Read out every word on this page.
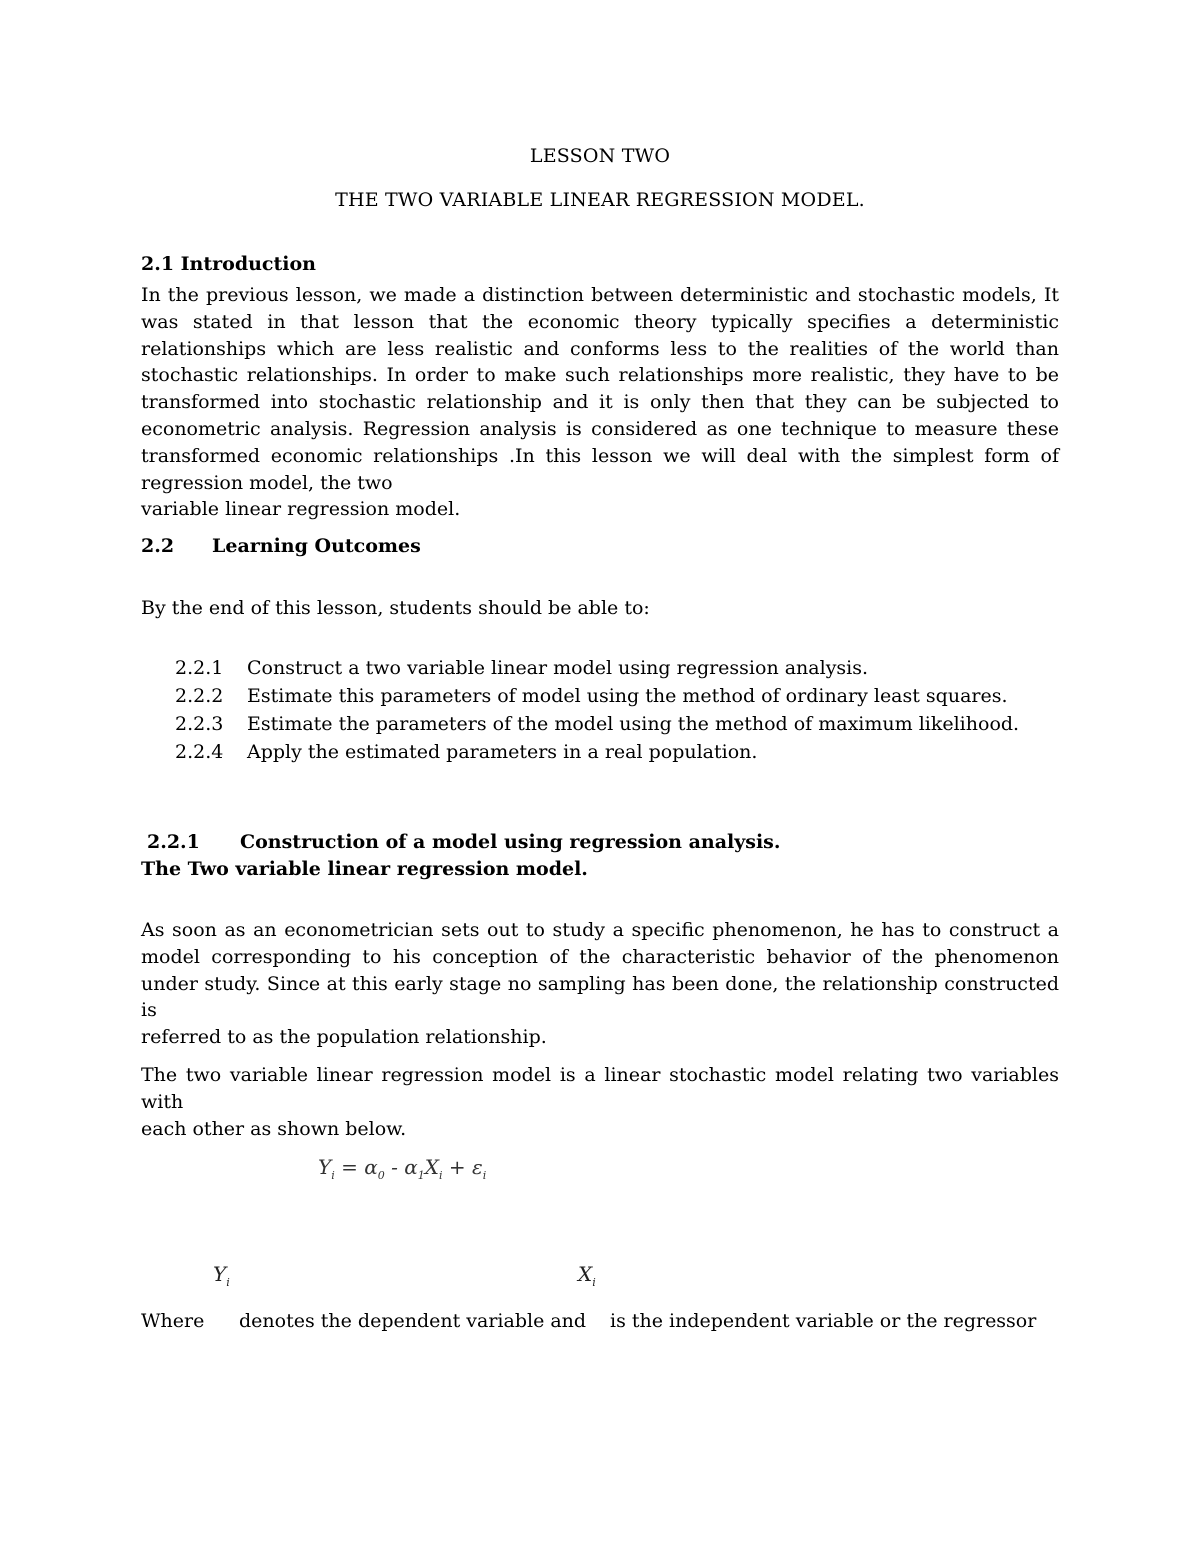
LESSON TWO
THE TWO VARIABLE LINEAR REGRESSION MODEL.
2.1 Introduction
In the previous lesson, we made a distinction between deterministic and stochastic models, It was stated in that lesson that the economic theory typically specifies a deterministic relationships which are less realistic and conforms less to the realities of the world than stochastic relationships. In order to make such relationships more realistic, they have to be transformed into stochastic relationship and it is only then that they can be subjected to econometric analysis. Regression analysis is considered as one technique to measure these transformed economic relationships .In this lesson we will deal with the simplest form of regression model, the two
variable linear regression model.
2.2 Learning Outcomes
By the end of this lesson, students should be able to:
2.2.1 Construct a two variable linear model using regression analysis.
2.2.2 Estimate this parameters of model using the method of ordinary least squares.
2.2.3 Estimate the parameters of the model using the method of maximum likelihood.
2.2.4 Apply the estimated parameters in a real population.
2.2.1 Construction of a model using regression analysis.
The Two variable linear regression model.
As soon as an econometrician sets out to study a specific phenomenon, he has to construct a model corresponding to his conception of the characteristic behavior of the phenomenon under study. Since at this early stage no sampling has been done, the relationship constructed is
referred to as the population relationship.
The two variable linear regression model is a linear stochastic model relating two variables with
each other as shown below.
$Y_i = \alpha_0 - \alpha_1X_i + \varepsilon_i$
$Y_i$	$X_i$
Where denotes the dependent variable and is the independent variable or the regressor
